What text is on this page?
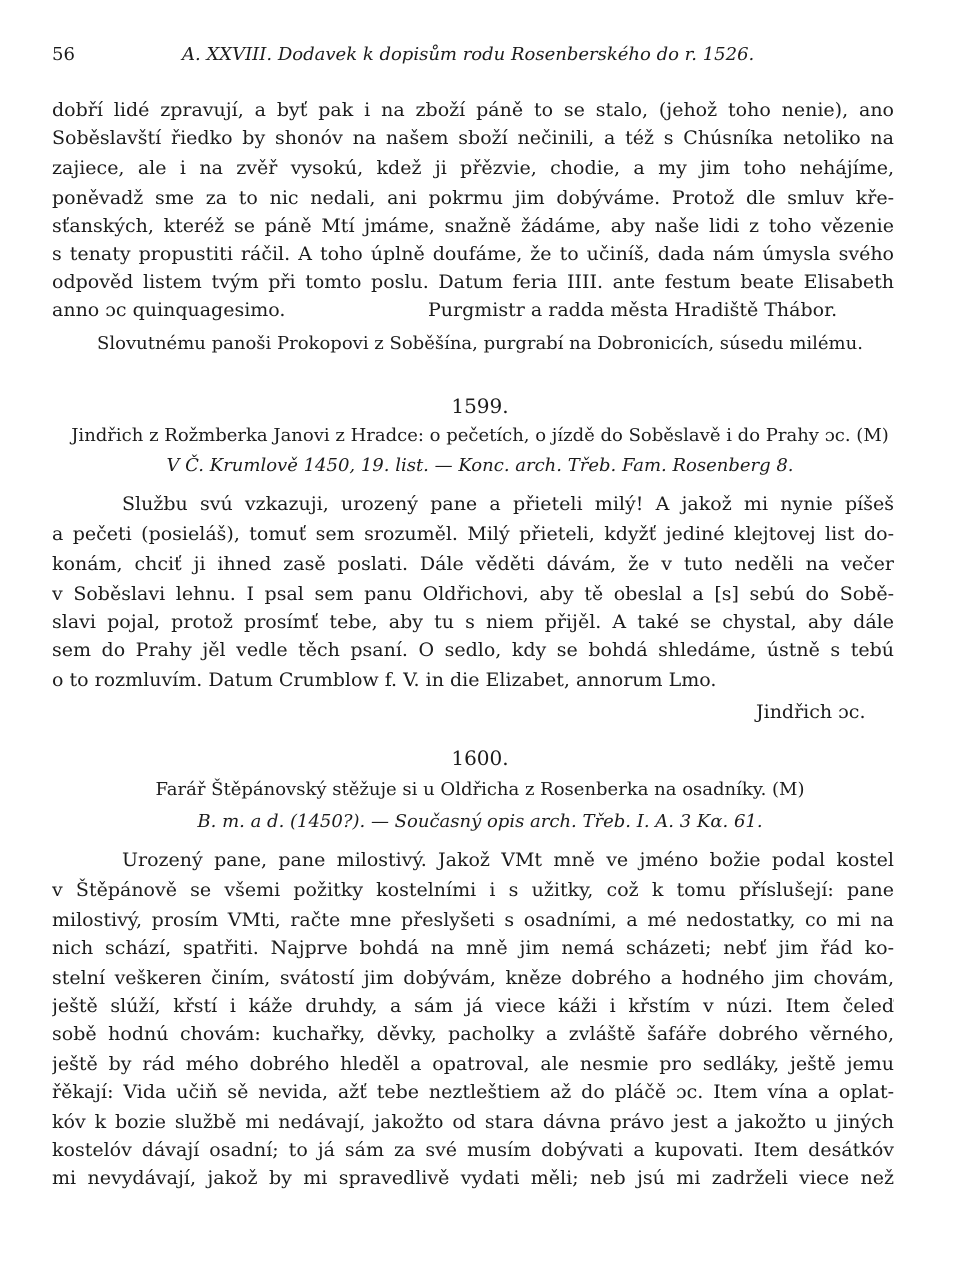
56	A. XXVIII. Dodavek k dopisům rodu Rosenberského do r. 1526.
dobří lidé zpravují, a byť pak i na zboží páně to se stalo, (jehož toho nenie), ano
Soběslavští řiedko by shonóv na našem sboží nečinili, a též s Chúsníka netoliko na
zajiece, ale i na zvěř vysokú, kdež ji přězvie, chodie, a my jim toho nehájíme,
poněvadž sme za to nic nedali, ani pokrmu jim dobýváme. Protož dle smluv kře-
sťanských, kteréž se páně Mtí jmáme, snažně žádáme, aby naše lidi z toho vězenie
s tenaty propustiti ráčil. A toho úplně doufáme, že to učiníš, dada nám úmysla svého
odpověd listem tvým při tomto poslu. Datum feria IIII. ante festum beate Elisabeth
anno ɔc quinquagesimo.	Purgmistr a radda města Hradiště Thábor.
Slovutnému panoši Prokopovi z Soběšína, purgrabí na Dobronicích, súsedu milému.
1599.
Jindřich z Rožmberka Janovi z Hradce: o pečetích, o jízdě do Soběslavě i do Prahy ɔc. (M)
V Č. Krumlově 1450, 19. list. — Konc. arch. Třeb. Fam. Rosenberg 8.
Službu svú vzkazuji, urozený pane a přieteli milý! A jakož mi nynie píšeš
a pečeti (posieláš), tomuť sem srozuměl. Milý přieteli, kdyžť jediné klejtovej list do-
konám, chciť ji ihned zasě poslati. Dále věděti dávám, že v tuto neděli na večer
v Soběslavi lehnu. I psal sem panu Oldřichovi, aby tě obeslal a [s] sebú do Sobě-
slavi pojal, protož prosímť tebe, aby tu s niem přijěl. A také se chystal, aby dále
sem do Prahy jěl vedle těch psaní. O sedlo, kdy se bohdá shledáme, ústně s tebú
o to rozmluvím. Datum Crumblow f. V. in die Elizabet, annorum Lmo.
Jindřich ɔc.
1600.
Farář Štěpánovský stěžuje si u Oldřicha z Rosenberka na osadníky. (M)
B. m. a d. (1450?). — Současný opis arch. Třeb. I. A. 3 Kα. 61.
Urozený pane, pane milostivý. Jakož VMt mně ve jméno božie podal kostel
v Štěpánově se všemi požitky kostelními i s užitky, což k tomu příslušejí: pane
milostivý, prosím VMti, račte mne přeslyšeti s osadními, a mé nedostatky, co mi na
nich schází, spatřiti. Najprve bohdá na mně jim nemá scházeti; nebť jim řád ko-
stelní veškeren činím, svátostí jim dobývám, kněze dobrého a hodného jim chovám,
ještě slúží, křstí i káže druhdy, a sám já viece káži i křstím v núzi. Item čeleď
sobě hodnú chovám: kuchařky, děvky, pacholky a zvláště šafáře dobrého věrného,
ještě by rád mého dobrého hleděl a opatroval, ale nesmie pro sedláky, ještě jemu
řěkají: Vida učiň sě nevida, ažť tebe neztleštiem až do pláčě ɔc. Item vína a oplat-
kóv k bozie službě mi nedávají, jakožto od stara dávna právo jest a jakožto u jiných
kostelóv dávají osadní; to já sám za své musím dobývati a kupovati. Item desátkóv
mi nevydávají, jakož by mi spravedlivě vydati měli; neb jsú mi zadrželi viece než
